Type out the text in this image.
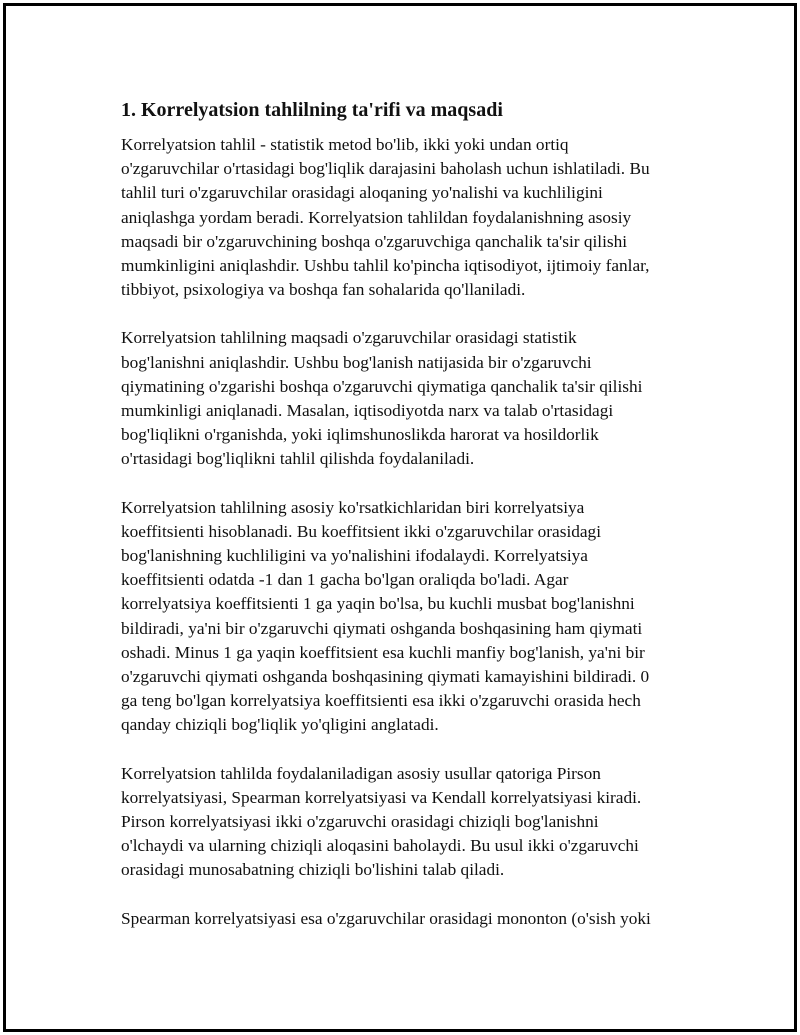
1. Korrelyatsion tahlilning ta'rifi va maqsadi

Korrelyatsion tahlil - statistik metod bo'lib, ikki yoki undan ortiq
o'zgaruvchilar o'rtasidagi bog'liqlik darajasini baholash uchun ishlatiladi. Bu
tahlil turi o'zgaruvchilar orasidagi aloqaning yo'nalishi va kuchliligini
aniqlashga yordam beradi. Korrelyatsion tahlildan foydalanishning asosiy
maqsadi bir o'zgaruvchining boshqa o'zgaruvchiga qanchalik ta'sir qilishi
mumkinligini aniqlashdir. Ushbu tahlil ko'pincha iqtisodiyot, ijtimoiy fanlar,
tibbiyot, psixologiya va boshqa fan sohalarida qo'llaniladi.

Korrelyatsion tahlilning maqsadi o'zgaruvchilar orasidagi statistik
bog'lanishni aniqlashdir. Ushbu bog'lanish natijasida bir o'zgaruvchi
qiymatining o'zgarishi boshqa o'zgaruvchi qiymatiga qanchalik ta'sir qilishi
mumkinligi aniqlanadi. Masalan, iqtisodiyotda narx va talab o'rtasidagi
bog'liqlikni o'rganishda, yoki iqlimshunoslikda harorat va hosildorlik
o'rtasidagi bog'liqlikni tahlil qilishda foydalaniladi.

Korrelyatsion tahlilning asosiy ko'rsatkichlaridan biri korrelyatsiya
koeffitsienti hisoblanadi. Bu koeffitsient ikki o'zgaruvchilar orasidagi
bog'lanishning kuchliligini va yo'nalishini ifodalaydi. Korrelyatsiya
koeffitsienti odatda -1 dan 1 gacha bo'lgan oraliqda bo'ladi. Agar
korrelyatsiya koeffitsienti 1 ga yaqin bo'lsa, bu kuchli musbat bog'lanishni
bildiradi, ya'ni bir o'zgaruvchi qiymati oshganda boshqasining ham qiymati
oshadi. Minus 1 ga yaqin koeffitsient esa kuchli manfiy bog'lanish, ya'ni bir
o'zgaruvchi qiymati oshganda boshqasining qiymati kamayishini bildiradi. 0
ga teng bo'lgan korrelyatsiya koeffitsienti esa ikki o'zgaruvchi orasida hech
qanday chiziqli bog'liqlik yo'qligini anglatadi.

Korrelyatsion tahlilda foydalaniladigan asosiy usullar qatoriga Pirson
korrelyatsiyasi, Spearman korrelyatsiyasi va Kendall korrelyatsiyasi kiradi.
Pirson korrelyatsiyasi ikki o'zgaruvchi orasidagi chiziqli bog'lanishni
o'lchaydi va ularning chiziqli aloqasini baholaydi. Bu usul ikki o'zgaruvchi
orasidagi munosabatning chiziqli bo'lishini talab qiladi.

Spearman korrelyatsiyasi esa o'zgaruvchilar orasidagi mononton (o'sish yoki
